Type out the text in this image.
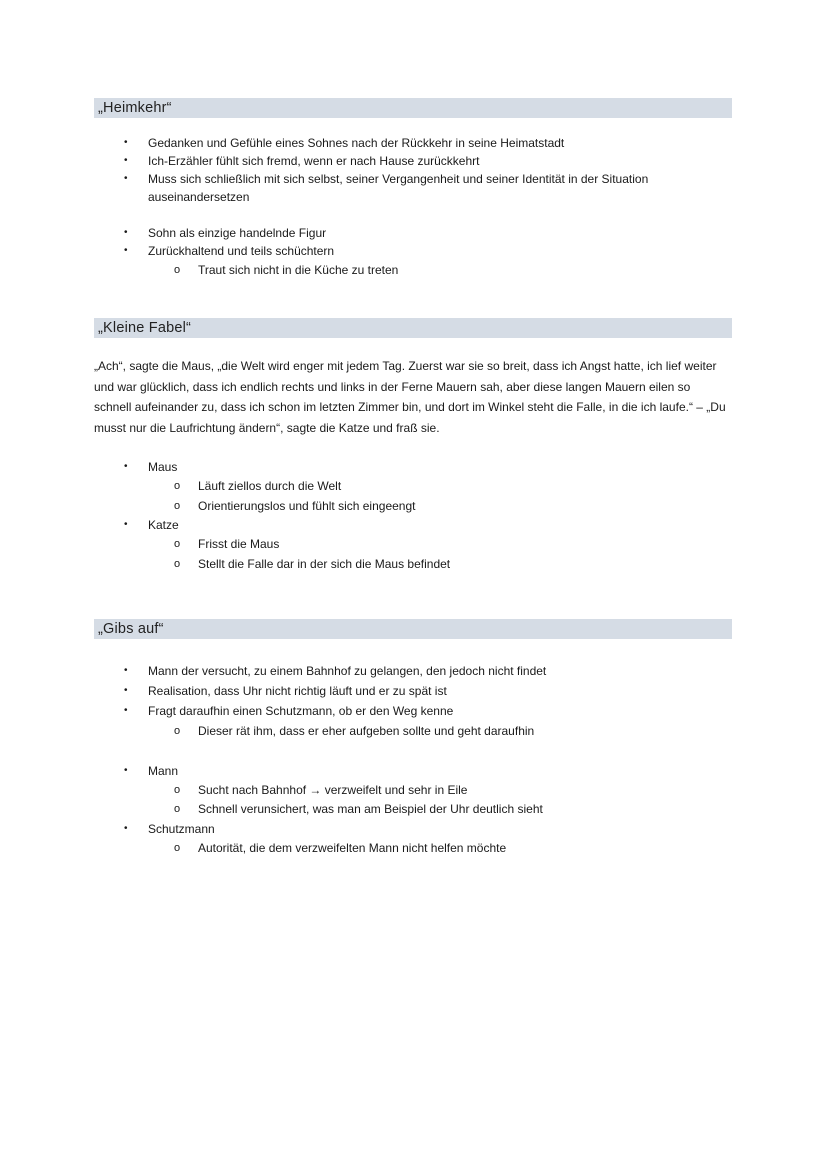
„Heimkehr“
• Gedanken und Gefühle eines Sohnes nach der Rückkehr in seine Heimatstadt
• Ich-Erzähler fühlt sich fremd, wenn er nach Hause zurückkehrt
• Muss sich schließlich mit sich selbst, seiner Vergangenheit und seiner Identität in der Situation auseinandersetzen
• Sohn als einzige handelnde Figur
• Zurückhaltend und teils schüchtern
o Traut sich nicht in die Küche zu treten
„Kleine Fabel“

„Ach“, sagte die Maus, „die Welt wird enger mit jedem Tag. Zuerst war sie so breit, dass ich Angst hatte, ich lief weiter und war glücklich, dass ich endlich rechts und links in der Ferne Mauern sah, aber diese langen Mauern eilen so schnell aufeinander zu, dass ich schon im letzten Zimmer bin, und dort im Winkel steht die Falle, in die ich laufe.“ – „Du musst nur die Laufrichtung ändern“, sagte die Katze und fraß sie.

• Maus
o Läuft ziellos durch die Welt
o Orientierungslos und fühlt sich eingeengt
• Katze
o Frisst die Maus
o Stellt die Falle dar in der sich die Maus befindet
„Gibs auf“
• Mann der versucht, zu einem Bahnhof zu gelangen, den jedoch nicht findet
• Realisation, dass Uhr nicht richtig läuft und er zu spät ist
• Fragt daraufhin einen Schutzmann, ob er den Weg kenne
o Dieser rät ihm, dass er eher aufgeben sollte und geht daraufhin
• Mann
o Sucht nach Bahnhof → verzweifelt und sehr in Eile
o Schnell verunsichert, was man am Beispiel der Uhr deutlich sieht
• Schutzmann
o Autorität, die dem verzweifelten Mann nicht helfen möchte
